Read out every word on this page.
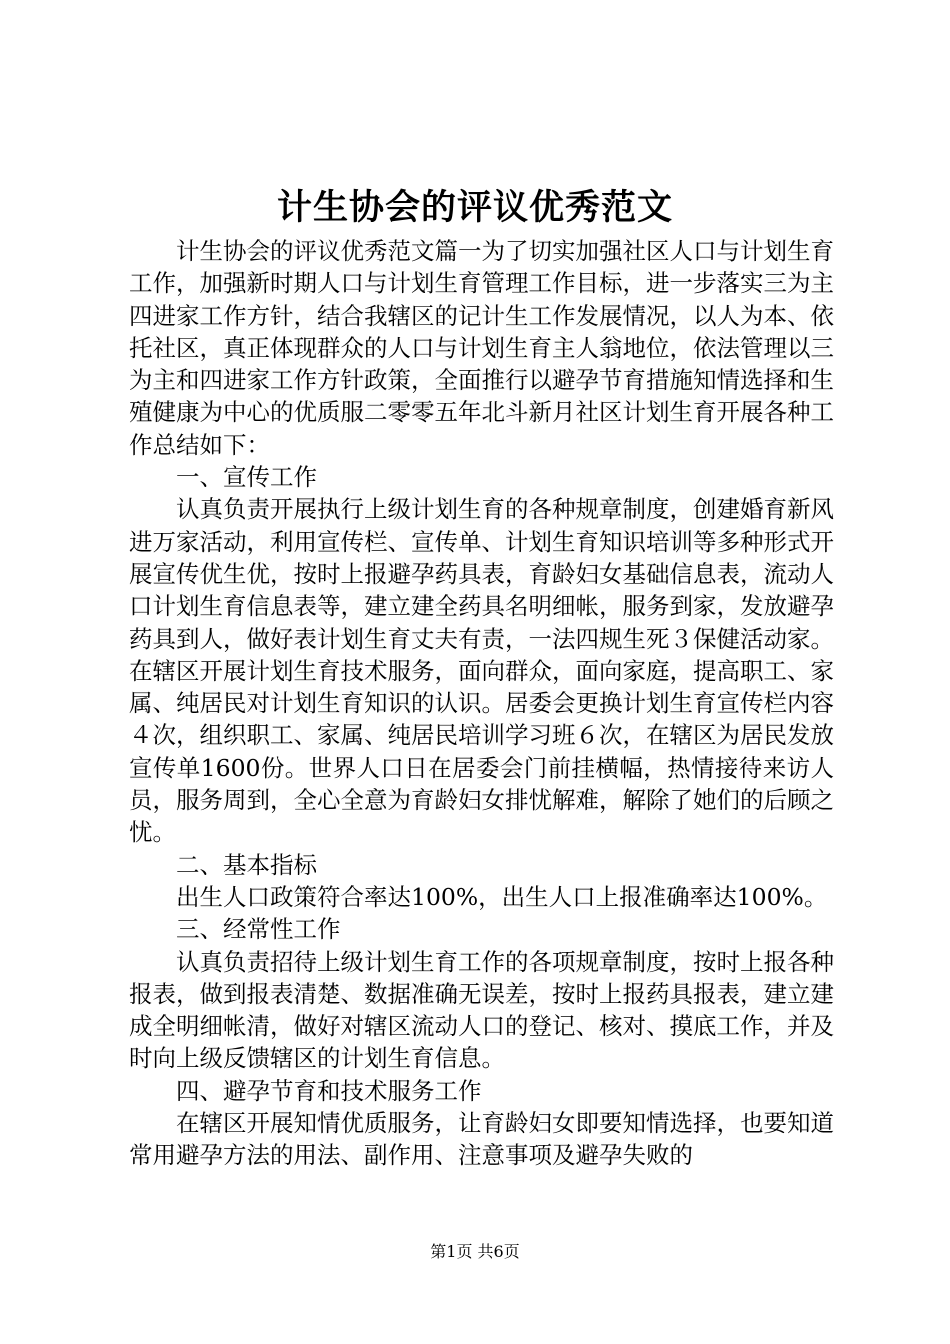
计生协会的评议优秀范文

计生协会的评议优秀范文篇一为了切实加强社区人口与计划生育工作，加强新时期人口与计划生育管理工作目标，进一步落实三为主四进家工作方针，结合我辖区的记计生工作发展情况，以人为本、依托社区，真正体现群众的人口与计划生育主人翁地位，依法管理以三为主和四进家工作方针政策，全面推行以避孕节育措施知情选择和生殖健康为中心的优质服二零零五年北斗新月社区计划生育开展各种工作总结如下：

一、宣传工作

认真负责开展执行上级计划生育的各种规章制度，创建婚育新风进万家活动，利用宣传栏、宣传单、计划生育知识培训等多种形式开展宣传优生优，按时上报避孕药具表，育龄妇女基础信息表，流动人口计划生育信息表等，建立建全药具名明细帐，服务到家，发放避孕药具到人，做好表计划生育丈夫有责，一法四规生死３保健活动家。在辖区开展计划生育技术服务，面向群众，面向家庭，提高职工、家属、纯居民对计划生育知识的认识。居委会更换计划生育宣传栏内容４次，组织职工、家属、纯居民培训学习班６次，在辖区为居民发放宣传单1600份。世界人口日在居委会门前挂横幅，热情接待来访人员，服务周到，全心全意为育龄妇女排忧解难，解除了她们的后顾之忧。

二、基本指标

出生人口政策符合率达100%，出生人口上报准确率达100%。

三、经常性工作

认真负责招待上级计划生育工作的各项规章制度，按时上报各种报表，做到报表清楚、数据准确无误差，按时上报药具报表，建立建成全明细帐清，做好对辖区流动人口的登记、核对、摸底工作，并及时向上级反馈辖区的计划生育信息。

四、避孕节育和技术服务工作

在辖区开展知情优质服务，让育龄妇女即要知情选择，也要知道常用避孕方法的用法、副作用、注意事项及避孕失败的

第1页 共6页
